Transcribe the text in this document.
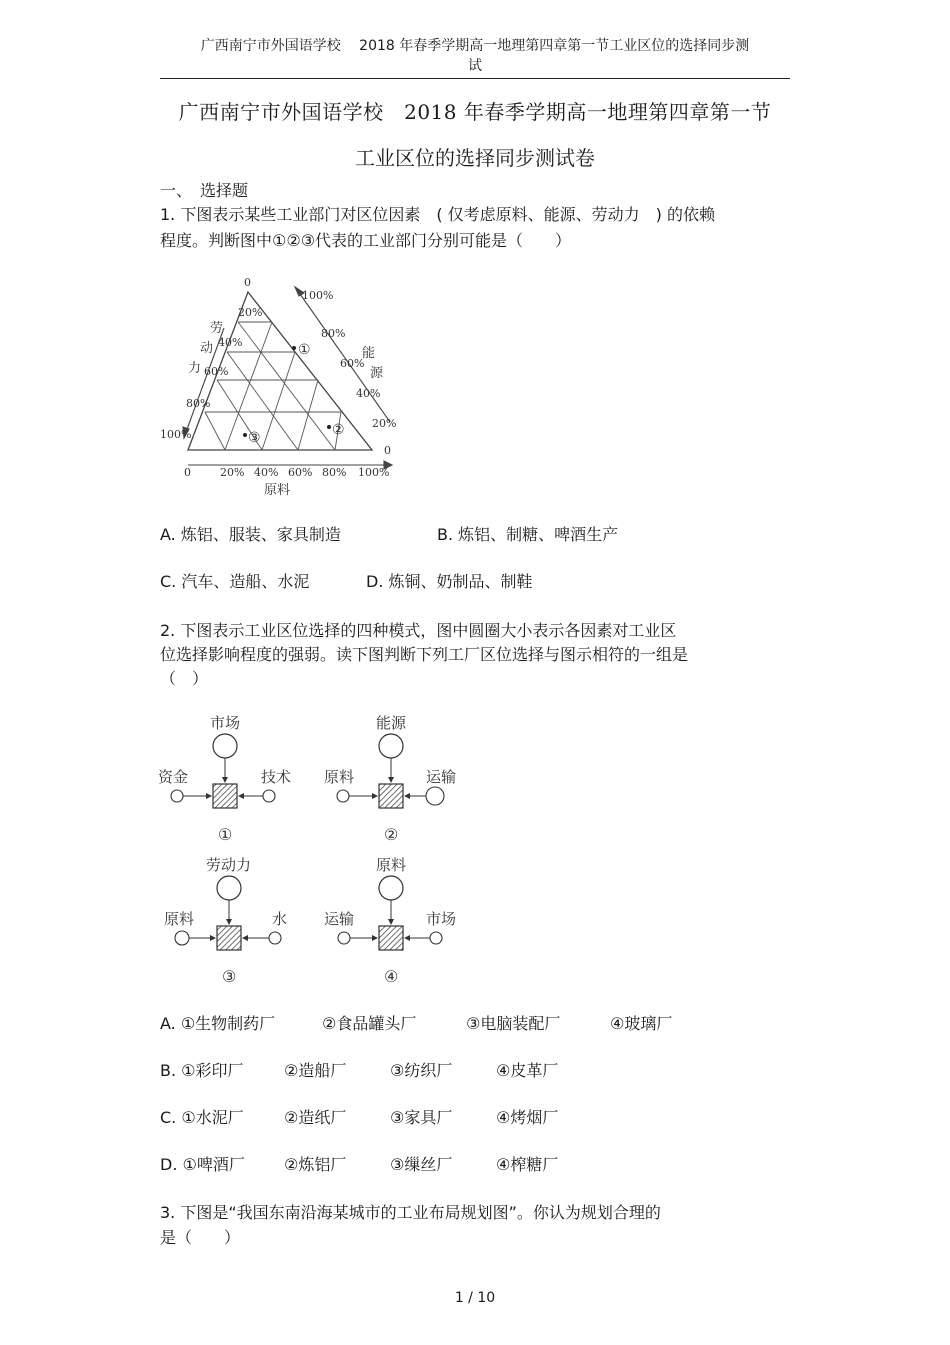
广西南宁市外国语学校　 2018 年春季学期高一地理第四章第一节工业区位的选择同步测
试
广西南宁市外国语学校　2018 年春季学期高一地理第四章第一节
工业区位的选择同步测试卷
一、　选择题
1. 下图表示某些工业部门对区位因素　( 仅考虑原料、能源、劳动力　) 的依赖
程度。判断图中①②③代表的工业部门分别可能是（　　）
①
②
③
0
20%
40%
60%
80%
100%
劳
动
力
100%
80%
60%
40%
20%
0
能
源
0	20% 40% 60% 80% 100%
原料
A. 炼铝、服装、家具制造	B. 炼铝、制糖、啤酒生产
C. 汽车、造船、水泥	D. 炼铜、奶制品、制鞋
2. 下图表示工业区位选择的四种模式，图中圆圈大小表示各因素对工业区
位选择影响程度的强弱。读下图判断下列工厂区位选择与图示相符的一组是
（　）
市场
资金	技术
①
能源
原料	运输
②
劳动力
原料	水
③
原料
运输	市场
④
A. ①生物制药厂	②食品罐头厂	③电脑装配厂	④玻璃厂
B. ①彩印厂	②造船厂	③纺织厂	④皮革厂
C. ①水泥厂	②造纸厂	③家具厂	④烤烟厂
D. ①啤酒厂 ②炼铝厂	③缫丝厂	④榨糖厂
3. 下图是“我国东南沿海某城市的工业布局规划图”。你认为规划合理的
是（　　）
1 / 10
